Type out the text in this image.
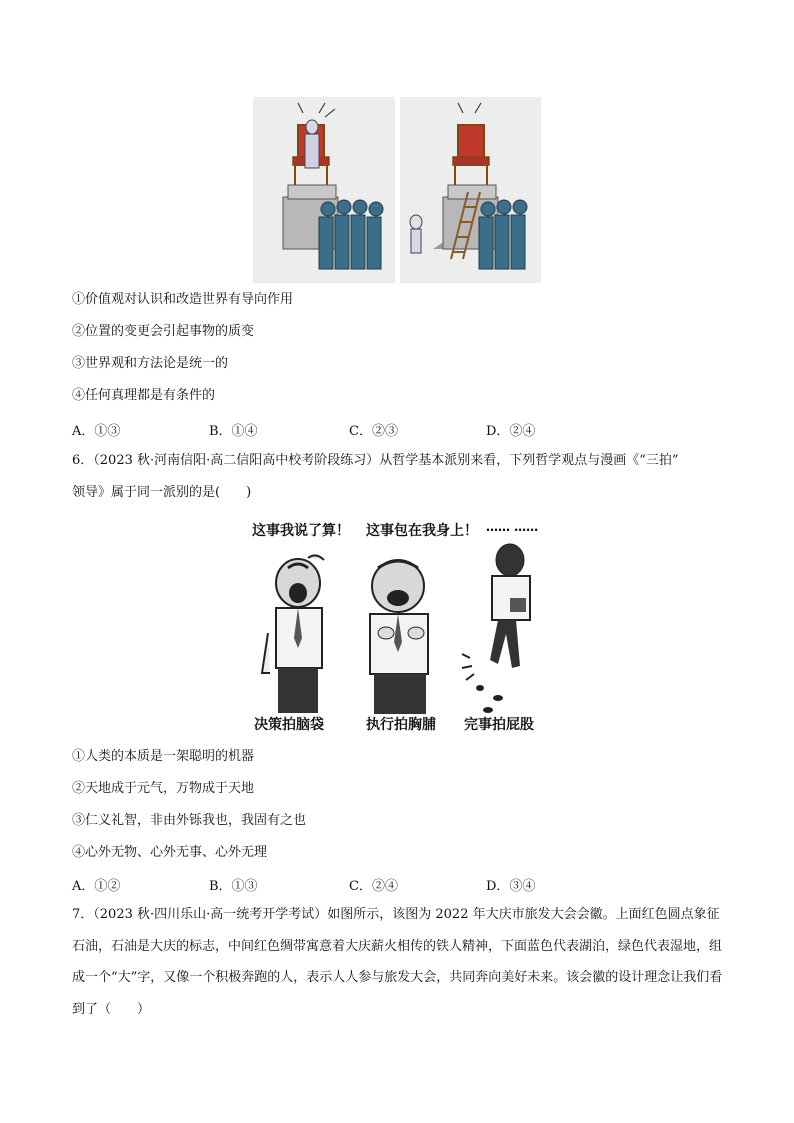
①价值观对认识和改造世界有导向作用
②位置的变更会引起事物的质变
③世界观和方法论是统一的
④任何真理都是有条件的
A．①③	B．①④	C．②③	D．②④
6．（2023 秋·河南信阳·高二信阳高中校考阶段练习）从哲学基本派别来看，下列哲学观点与漫画《“三拍”
领导》属于同一派别的是(　　)
这事我说了算！ 这事包在我身上！ …… ……
决策拍脑袋	执行拍胸脯 完事拍屁股
①人类的本质是一架聪明的机器
②天地成于元气，万物成于天地
③仁义礼智，非由外铄我也，我固有之也
④心外无物、心外无事、心外无理
A．①②	B．①③	C．②④	D．③④
7．（2023 秋·四川乐山·高一统考开学考试）如图所示，该图为 2022 年大庆市旅发大会会徽。上面红色圆点象征石油，石油是大庆的标志，中间红色绸带寓意着大庆薪火相传的铁人精神，下面蓝色代表湖泊，绿色代表湿地，组成一个“大”字，又像一个积极奔跑的人，表示人人参与旅发大会，共同奔向美好未来。该会徽的设计理念让我们看到了（　　）
